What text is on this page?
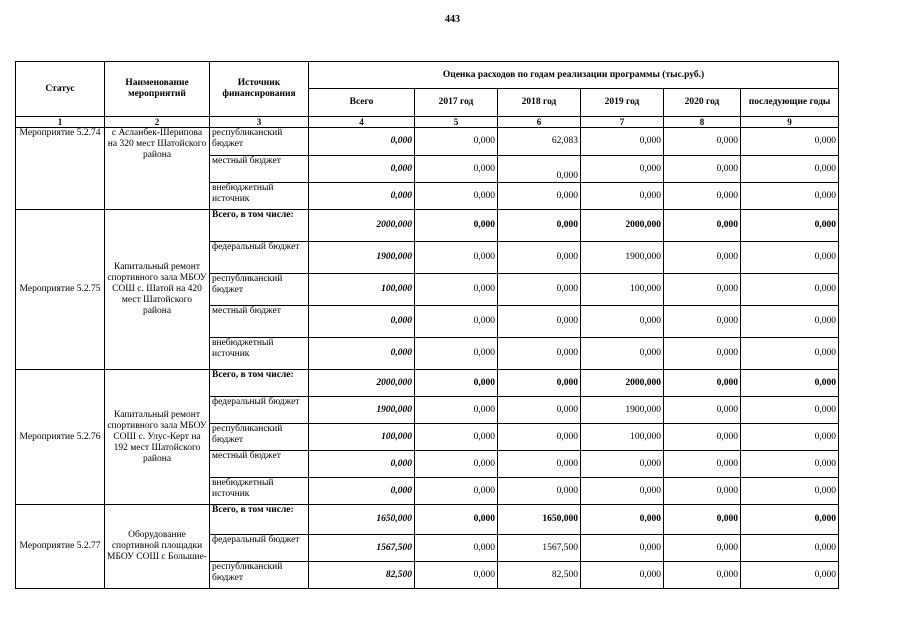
443
Статус	Наименование мероприятий	Источник финансирования	Оценка расходов по годам реализации программы (тыс.руб.)					
			Всего	2017 год	2018 год	2019 год	2020 год	последующие годы
1	2	3	4	5	6	7	8	9
Мероприятие 5.2.74	с Асланбек-Шерипова на 320 мест Шатойского района	республиканский бюджет	0,000	0,000	62,083	0,000	0,000	0,000
		местный бюджет	0,000	0,000	0,000	0,000	0,000	0,000
		внебюджетный источник	0,000	0,000	0,000	0,000	0,000	0,000
Мероприятие 5.2.75	Капитальный ремонт спортивного зала МБОУ СОШ с. Шатой на 420 мест Шатойского района	Всего, в том числе:	2000,000	0,000	0,000	2000,000	0,000	0,000
		федеральный бюджет	1900,000	0,000	0,000	1900,000	0,000	0,000
		республиканский бюджет	100,000	0,000	0,000	100,000	0,000	0,000
		местный бюджет	0,000	0,000	0,000	0,000	0,000	0,000
		внебюджетный источник	0,000	0,000	0,000	0,000	0,000	0,000
Мероприятие 5.2.76	Капитальный ремонт спортивного зала МБОУ СОШ с. Улус-Керт на 192 мест Шатойского района	Всего, в том числе:	2000,000	0,000	0,000	2000,000	0,000	0,000
		федеральный бюджет	1900,000	0,000	0,000	1900,000	0,000	0,000
		республиканский бюджет	100,000	0,000	0,000	100,000	0,000	0,000
		местный бюджет	0,000	0,000	0,000	0,000	0,000	0,000
		внебюджетный источник	0,000	0,000	0,000	0,000	0,000	0,000
Мероприятие 5.2.77	Оборудование спортивной площадки МБОУ СОШ с Большие-	Всего, в том числе:	1650,000	0,000	1650,000	0,000	0,000	0,000
		федеральный бюджет	1567,500	0,000	1567,500	0,000	0,000	0,000
		республиканский бюджет	82,500	0,000	82,500	0,000	0,000	0,000
